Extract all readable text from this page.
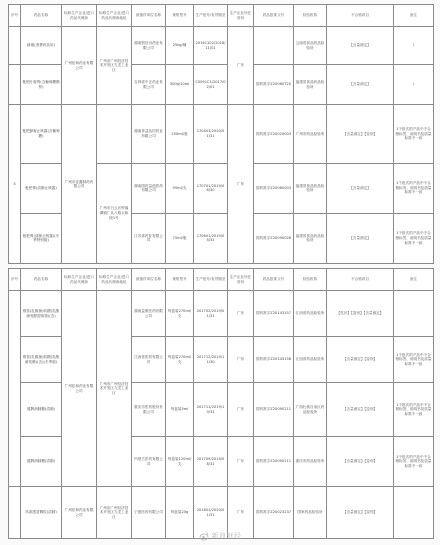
序号	药品名称	标称生产企业/进口药品代理商	标称生产企业/进口药品代理商地址	被抽样单位名称	规格型号	生产批号/有效期至	生产企业所在省份	药品批准文号	检验机构	不合格项目	备注
	蜂蜜(消费药品用)	广州佳和药业有限公司	广州市广州经济技术开发区九龙工业区	湖南银信谷药业有限公司	25kg/桶	20161102/2018/11/01	广东		云南省食品药品检验所	【含量测定】	/
	枇杷叶蜜膏(含葡萄糖酸锌)			吉林省中正药业有限公司	300g/10ml	C0091C1/2017/02/01		国药准字Z20060720	福建省食品药品检验所	【含量测定】	/
3	枇杷蜂蜜止咳露(含葡萄糖)	广州市佳鑫制药有限公司		湖南省益达信药业有限公司	250ml/瓶	170403/2020/01/31	广东	国药准字Z20020003	广州市药品检验所	【含量测定】【鉴别】	1个批次的产品中不合格标签、说明书及质量标准不一致
	枇杷膏(清肺止咳露)		广州市白云区钟落潭镇广从八路太和段1号	湖南国药益道医药有限公司	95ml/支	170701/2019/06/30		国药准字Z20060003	福建省食品药品检验所	【含量测定】	1个批次的产品中不合格标签、说明书及质量标准不一致
	枇杷膏(清肺止咳露)(冬季特别版)			江苏省药业有限公司	75ml/瓶	170601/2019/05/31		国药准字Z20090026	福建省食品药品检验所	【含量测定】	1个批次的产品中不合格标签、说明书及质量标准不一致
序号	药品名称	标称生产企业/进口药品代理商	标称生产企业/进口药品代理商地址	被抽样单位名称	规格型号	生产批号/有效期至	生产企业所在省份	药品批准文号	检验机构	不合格项目	备注
	维泰(乳酸菌)软糖(乳酸菌发酵提取物)(含)	广州佳和药业有限公司	广州市广州经济技术开发区九龙工业区	湖南益康医药有限公司	每盒装270ml/支	201702/2019/01/31	广东	国药准字Z20143157	江西省药品检验所	【性状】【鉴别】【含量测定】	
	维泰(乳酸菌)软糖(乳酸菌发酵)(含)(冬季版)			江西省医药有限公司	每盒装270ml/支	201712/2019/11/30	广东	国药准字Z20143156	江西省药品检验所	【含量测定】【鉴别】	1个批次的产品中不合格标签、说明书及质量标准不一致
	健脾润肺糖(清肺)			重庆市医药股份有限公司	每盒装5ml	201711/2019/10/31	广东	国药准字Z20090211	广西壮族自治区药品检验所	【含量测定】【鉴别】	1个批次的产品中不合格标签、说明书及质量标准不一致
	健脾润肺糖(清肺)			内蒙古医药有限公司	每盒装120ml/支	201709/2019/08/31	广东	国药准字Z20090211	重庆市药品检验所	【含量测定】【鉴别】	1个批次的产品中不合格标签、说明书及质量标准不一致
	风寒感冒颗粒(清肺)	广州佳和药业有限公司	广州市广州经济技术开发区九龙工业区	宁夏医药有限公司	每盒装20g	201801/2020/01/31	广东	国药准字Z20023237	国家药品检验所	【含量测定】【鉴别】	
新浪财经
